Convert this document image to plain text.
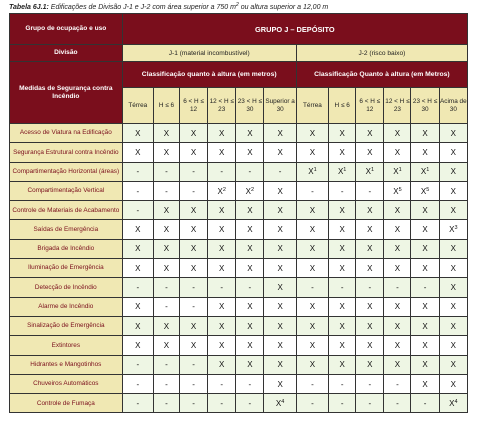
Tabela 6J.1: Edificações de Divisão J-1 e J-2 com área superior a 750 $m^2$ ou altura superior a 12,00 m
Grupo de ocupação e uso	GRUPO J – DEPÓSITO											
Divisão	J-1 (material incombustível)						J-2 (risco baixo)					
Medidas de Segurança contra Incêndio	Classificação quanto à altura (em metros)						Classificação Quanto à altura (em Metros)					
	Térrea	H ≤ 6	6 < H ≤ 12	12 < H ≤ 23	23 < H ≤ 30	Superior a 30	Térrea	H ≤ 6	6 < H ≤ 12	12 < H ≤ 23	23 < H ≤ 30	Acima de 30
Acesso de Viatura na Edificação	X	X	X	X	X	X	X	X	X	X	X	X
Segurança Estrutural contra Incêndio	X	X	X	X	X	X	X	X	X	X	X	X
Compartimentação Horizontal (áreas)	-	-	-	-	-	-	$X^1$	$X^1$	$X^1$	$X^1$	$X^1$	X
Compartimentação Vertical	-	-	-	$X^2$	$X^2$	X	-	-	-	$X^5$	$X^5$	X
Controle de Materiais de Acabamento	-	X	X	X	X	X	X	X	X	X	X	X
Saídas de Emergência	X	X	X	X	X	X	X	X	X	X	X	$X^3$
Brigada de Incêndio	X	X	X	X	X	X	X	X	X	X	X	X
Iluminação de Emergência	X	X	X	X	X	X	X	X	X	X	X	X
Detecção de Incêndio	-	-	-	-	-	X	-	-	-	-	-	X
Alarme de Incêndio	X	-	-	X	X	X	X	X	X	X	X	X
Sinalização de Emergência	X	X	X	X	X	X	X	X	X	X	X	X
Extintores	X	X	X	X	X	X	X	X	X	X	X	X
Hidrantes e Mangotinhos	-	-	-	X	X	X	X	X	X	X	X	X
Chuveiros Automáticos	-	-	-	-	-	X	-	-	-	-	X	X
Controle de Fumaça	-	-	-	-	-	$X^4$	-	-	-	-	-	$X^4$
